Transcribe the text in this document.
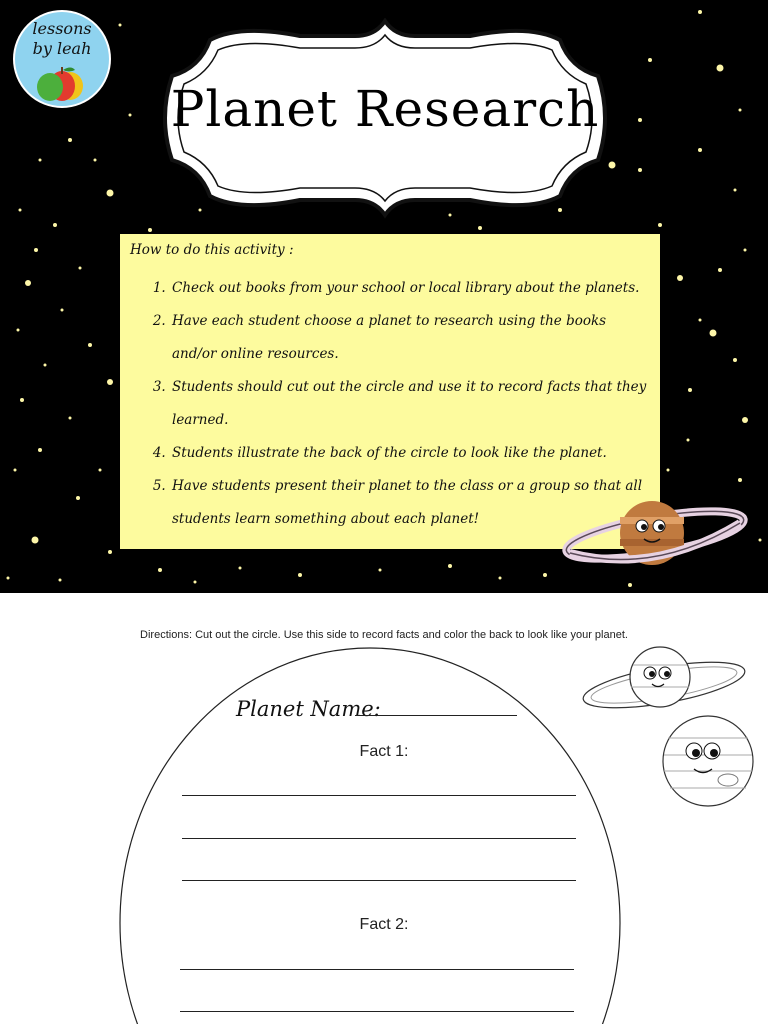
lessons
by leah
Planet Research
How to do this activity :
1. Check out books from your school or local library about the planets.
2. Have each student choose a planet to research using the books and/or online resources.
3. Students should cut out the circle and use it to record facts that they learned.
4. Students illustrate the back of the circle to look like the planet.
5. Have students present their planet to the class or a group so that all students learn something about each planet!
Directions: Cut out the circle. Use this side to record facts and color the back to look like your planet.
Planet Name:
Fact 1:
Fact 2:
